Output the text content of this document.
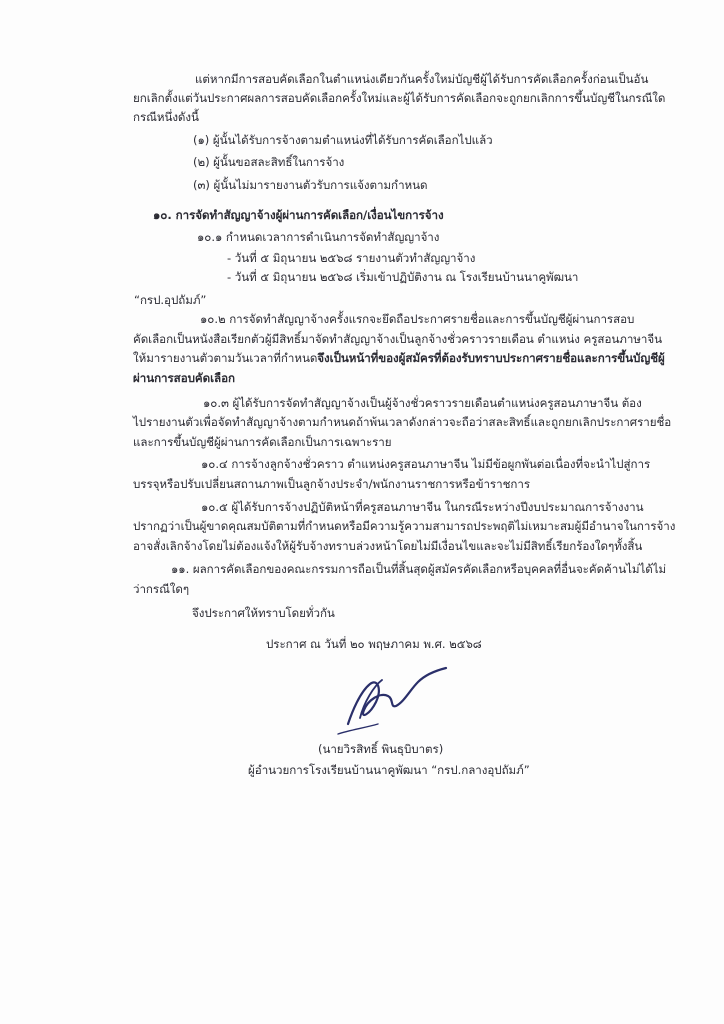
แต่หากมีการสอบคัดเลือกในตำแหน่งเดียวกันครั้งใหม่บัญชีผู้ได้รับการคัดเลือกครั้งก่อนเป็นอัน
ยกเลิกตั้งแต่วันประกาศผลการสอบคัดเลือกครั้งใหม่และผู้ได้รับการคัดเลือกจะถูกยกเลิกการขึ้นบัญชีในกรณีใด
กรณีหนึ่งดังนี้
(๑) ผู้นั้นได้รับการจ้างตามตำแหน่งที่ได้รับการคัดเลือกไปแล้ว
(๒) ผู้นั้นขอสละสิทธิ์ในการจ้าง
(๓) ผู้นั้นไม่มารายงานตัวรับการแจ้งตามกำหนด
๑๐. การจัดทำสัญญาจ้างผู้ผ่านการคัดเลือก/เงื่อนไขการจ้าง
๑๐.๑ กำหนดเวลาการดำเนินการจัดทำสัญญาจ้าง
- วันที่ ๕ มิถุนายน ๒๕๖๘ รายงานตัวทำสัญญาจ้าง
- วันที่ ๕ มิถุนายน ๒๕๖๘ เริ่มเข้าปฏิบัติงาน ณ โรงเรียนบ้านนาคูพัฒนา
“กรป.อุปถัมภ์”
๑๐.๒ การจัดทำสัญญาจ้างครั้งแรกจะยึดถือประกาศรายชื่อและการขึ้นบัญชีผู้ผ่านการสอบ
คัดเลือกเป็นหนังสือเรียกตัวผู้มีสิทธิ์มาจัดทำสัญญาจ้างเป็นลูกจ้างชั่วคราวรายเดือน ตำแหน่ง ครูสอนภาษาจีน
ให้มารายงานตัวตามวันเวลาที่กำหนดจึงเป็นหน้าที่ของผู้สมัครที่ต้องรับทราบประกาศรายชื่อและการขึ้นบัญชีผู้
ผ่านการสอบคัดเลือก
๑๐.๓ ผู้ได้รับการจัดทำสัญญาจ้างเป็นผู้จ้างชั่วคราวรายเดือนตำแหน่งครูสอนภาษาจีน ต้อง
ไปรายงานตัวเพื่อจัดทำสัญญาจ้างตามกำหนดถ้าพ้นเวลาดังกล่าวจะถือว่าสละสิทธิ์และถูกยกเลิกประกาศรายชื่อ
และการขึ้นบัญชีผู้ผ่านการคัดเลือกเป็นการเฉพาะราย
๑๐.๔ การจ้างลูกจ้างชั่วคราว ตำแหน่งครูสอนภาษาจีน ไม่มีข้อผูกพันต่อเนื่องที่จะนำไปสู่การ
บรรจุหรือปรับเปลี่ยนสถานภาพเป็นลูกจ้างประจำ/พนักงานราชการหรือข้าราชการ
๑๐.๕ ผู้ได้รับการจ้างปฏิบัติหน้าที่ครูสอนภาษาจีน ในกรณีระหว่างปีงบประมาณการจ้างงาน
ปรากฏว่าเป็นผู้ขาดคุณสมบัติตามที่กำหนดหรือมีความรู้ความสามารถประพฤติไม่เหมาะสมผู้มีอำนาจในการจ้าง
อาจสั่งเลิกจ้างโดยไม่ต้องแจ้งให้ผู้รับจ้างทราบล่วงหน้าโดยไม่มีเงื่อนไขและจะไม่มีสิทธิ์เรียกร้องใดๆทั้งสิ้น
๑๑. ผลการคัดเลือกของคณะกรรมการถือเป็นที่สิ้นสุดผู้สมัครคัดเลือกหรือบุคคลที่อื่นจะคัดค้านไม่ได้ไม่
ว่ากรณีใดๆ
จึงประกาศให้ทราบโดยทั่วกัน
ประกาศ ณ วันที่ ๒๐ พฤษภาคม พ.ศ. ๒๕๖๘
(นายวิรสิทธิ์ พินธุบิบาตร)
ผู้อำนวยการโรงเรียนบ้านนาคูพัฒนา “กรป.กลางอุปถัมภ์”
